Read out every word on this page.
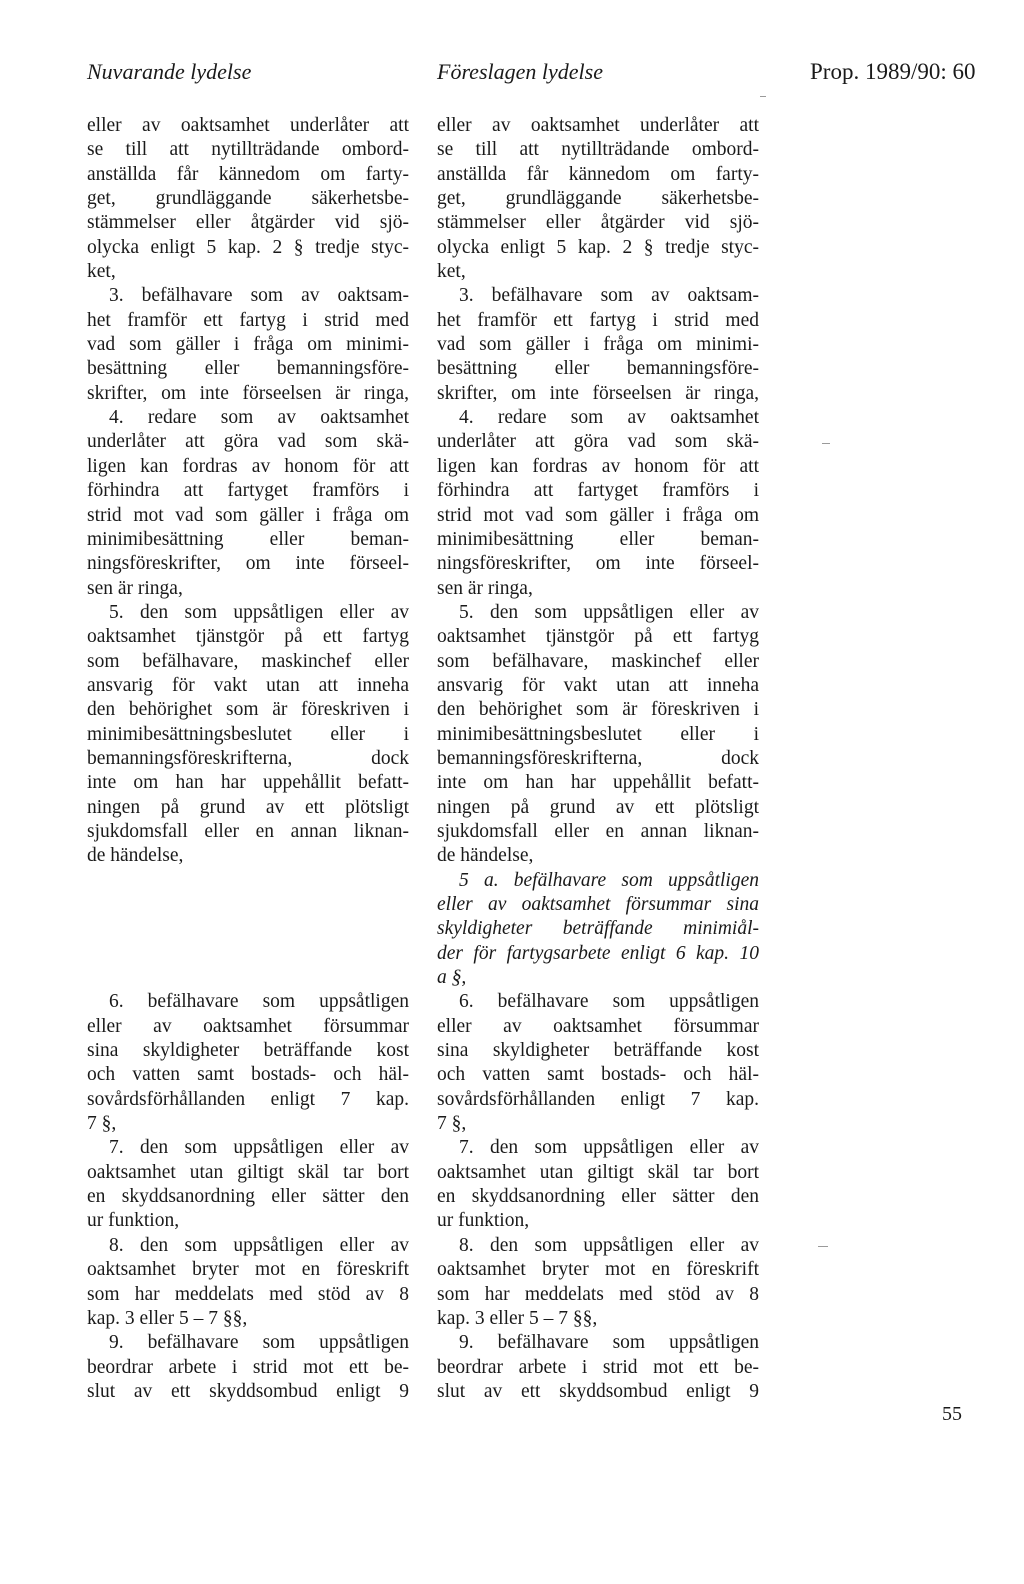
Nuvarande lydelse	Föreslagen lydelse	Prop. 1989/90: 60
eller av oaktsamhet underlåter att
se till att nytillträdande ombord-
anställda får kännedom om farty-
get, grundläggande säkerhetsbe-
stämmelser eller åtgärder vid sjö-
olycka enligt 5 kap. 2 § tredje styc-
ket,
3. befälhavare som av oaktsam-
het framför ett fartyg i strid med
vad som gäller i fråga om minimi-
besättning eller bemanningsföre-
skrifter, om inte förseelsen är ringa,
4. redare som av oaktsamhet
underlåter att göra vad som skä-
ligen kan fordras av honom för att
förhindra att fartyget framförs i
strid mot vad som gäller i fråga om
minimibesättning eller beman-
ningsföreskrifter, om inte förseel-
sen är ringa,
5. den som uppsåtligen eller av
oaktsamhet tjänstgör på ett fartyg
som befälhavare, maskinchef eller
ansvarig för vakt utan att inneha
den behörighet som är föreskriven i
minimibesättningsbeslutet eller i
bemanningsföreskrifterna, dock
inte om han har uppehållit befatt-
ningen på grund av ett plötsligt
sjukdomsfall eller en annan liknan-
de händelse,
6. befälhavare som uppsåtligen
eller av oaktsamhet försummar
sina skyldigheter beträffande kost
och vatten samt bostads- och häl-
sovårdsförhållanden enligt 7 kap.
7 §,
7. den som uppsåtligen eller av
oaktsamhet utan giltigt skäl tar bort
en skyddsanordning eller sätter den
ur funktion,
8. den som uppsåtligen eller av
oaktsamhet bryter mot en föreskrift
som har meddelats med stöd av 8
kap. 3 eller 5 – 7 §§,
9. befälhavare som uppsåtligen
beordrar arbete i strid mot ett be-
slut av ett skyddsombud enligt 9
eller av oaktsamhet underlåter att
se till att nytillträdande ombord-
anställda får kännedom om farty-
get, grundläggande säkerhetsbe-
stämmelser eller åtgärder vid sjö-
olycka enligt 5 kap. 2 § tredje styc-
ket,
3. befälhavare som av oaktsam-
het framför ett fartyg i strid med
vad som gäller i fråga om minimi-
besättning eller bemanningsföre-
skrifter, om inte förseelsen är ringa,
4. redare som av oaktsamhet
underlåter att göra vad som skä-
ligen kan fordras av honom för att
förhindra att fartyget framförs i
strid mot vad som gäller i fråga om
minimibesättning eller beman-
ningsföreskrifter, om inte förseel-
sen är ringa,
5. den som uppsåtligen eller av
oaktsamhet tjänstgör på ett fartyg
som befälhavare, maskinchef eller
ansvarig för vakt utan att inneha
den behörighet som är föreskriven i
minimibesättningsbeslutet eller i
bemanningsföreskrifterna, dock
inte om han har uppehållit befatt-
ningen på grund av ett plötsligt
sjukdomsfall eller en annan liknan-
de händelse,
5 a. befälhavare som uppsåtligen
eller av oaktsamhet försummar sina
skyldigheter beträffande minimiål-
der för fartygsarbete enligt 6 kap. 10
a §,
6. befälhavare som uppsåtligen
eller av oaktsamhet försummar
sina skyldigheter beträffande kost
och vatten samt bostads- och häl-
sovårdsförhållanden enligt 7 kap.
7 §,
7. den som uppsåtligen eller av
oaktsamhet utan giltigt skäl tar bort
en skyddsanordning eller sätter den
ur funktion,
8. den som uppsåtligen eller av
oaktsamhet bryter mot en föreskrift
som har meddelats med stöd av 8
kap. 3 eller 5 – 7 §§,
9. befälhavare som uppsåtligen
beordrar arbete i strid mot ett be-
slut av ett skyddsombud enligt 9
55
